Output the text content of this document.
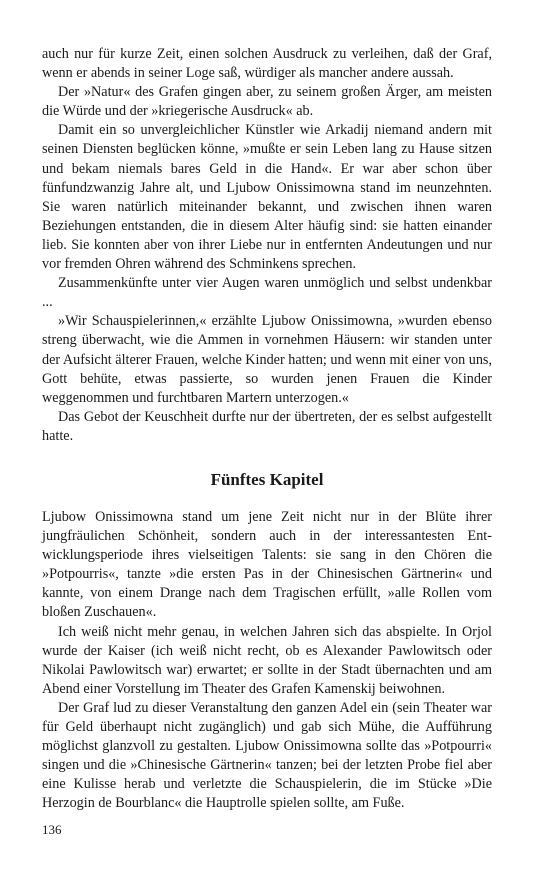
auch nur für kurze Zeit, einen solchen Ausdruck zu verleihen, daß der Graf, wenn er abends in seiner Loge saß, würdiger als mancher andere aussah.

Der »Natur« des Grafen gingen aber, zu seinem großen Ärger, am meisten die Würde und der »kriegerische Ausdruck« ab.

Damit ein so unvergleichlicher Künstler wie Arkadij niemand andern mit seinen Diensten beglücken könne, »mußte er sein Leben lang zu Hause sitzen und bekam niemals bares Geld in die Hand«. Er war aber schon über fünfundzwanzig Jahre alt, und Ljubow Onissimowna stand im neunzehnten. Sie waren natürlich miteinander bekannt, und zwischen ihnen waren Beziehungen entstanden, die in diesem Alter häufig sind: sie hatten einander lieb. Sie konnten aber von ihrer Liebe nur in entfernten Andeutungen und nur vor fremden Ohren während des Schminkens sprechen.

Zusammenkünfte unter vier Augen waren unmöglich und selbst undenkbar ...

»Wir Schauspielerinnen,« erzählte Ljubow Onissimowna, »wurden ebenso streng überwacht, wie die Ammen in vornehmen Häusern: wir standen unter der Aufsicht älterer Frauen, welche Kinder hatten; und wenn mit einer von uns, Gott behüte, etwas passierte, so wurden jenen Frauen die Kinder weggenommen und furchtbaren Martern unterzogen.«

Das Gebot der Keuschheit durfte nur der übertreten, der es selbst aufgestellt hatte.

Fünftes Kapitel

Ljubow Onissimowna stand um jene Zeit nicht nur in der Blüte ihrer jungfräulichen Schönheit, sondern auch in der interessantesten Entwicklungsperiode ihres vielseitigen Talents: sie sang in den Chören die »Potpourris«, tanzte »die ersten Pas in der Chinesischen Gärtnerin« und kannte, von einem Drange nach dem Tragischen erfüllt, »alle Rollen vom bloßen Zuschauen«.

Ich weiß nicht mehr genau, in welchen Jahren sich das abspielte. In Orjol wurde der Kaiser (ich weiß nicht recht, ob es Alexander Pawlowitsch oder Nikolai Pawlowitsch war) erwartet; er sollte in der Stadt übernachten und am Abend einer Vorstellung im Theater des Grafen Kamenskij beiwohnen.

Der Graf lud zu dieser Veranstaltung den ganzen Adel ein (sein Theater war für Geld überhaupt nicht zugänglich) und gab sich Mühe, die Aufführung möglichst glanzvoll zu gestalten. Ljubow Onissimowna sollte das »Potpourri« singen und die »Chinesische Gärtnerin« tanzen; bei der letzten Probe fiel aber eine Kulisse herab und verletzte die Schauspielerin, die im Stücke »Die Herzogin de Bourblanc« die Hauptrolle spielen sollte, am Fuße.

136
